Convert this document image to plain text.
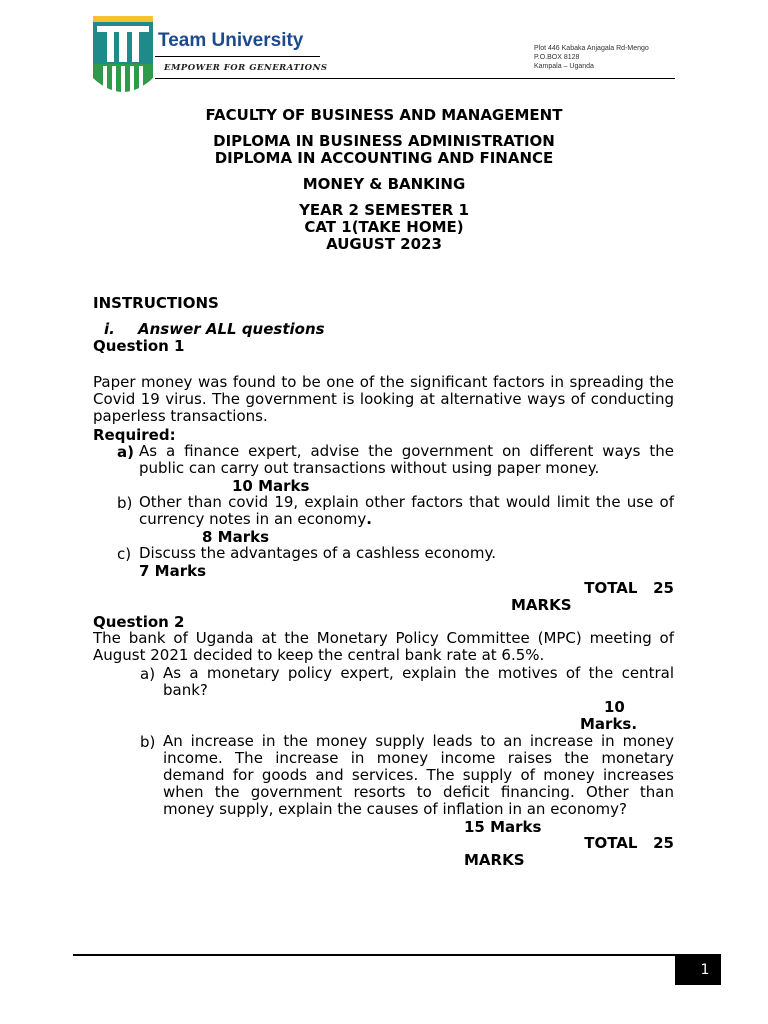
Team University
EMPOWER FOR GENERATIONS
Plot 446 Kabaka Anjagala Rd-Mengo
P.O.BOX 8128
Kampala – Uganda
FACULTY OF BUSINESS AND MANAGEMENT
DIPLOMA IN BUSINESS ADMINISTRATION
DIPLOMA IN ACCOUNTING AND FINANCE
MONEY & BANKING
YEAR 2 SEMESTER 1
CAT 1(TAKE HOME)
AUGUST 2023
INSTRUCTIONS
i. Answer ALL questions
Question 1
Paper money was found to be one of the significant factors in spreading the Covid 19 virus. The government is looking at alternative ways of conducting paperless transactions.
Required:
a) As a finance expert, advise the government on different ways the public can carry out transactions without using paper money.
10 Marks
b) Other than covid 19, explain other factors that would limit the use of currency notes in an economy.
8 Marks
c) Discuss the advantages of a cashless economy.
7 Marks
TOTAL   25
MARKS
Question 2
The bank of Uganda at the Monetary Policy Committee (MPC) meeting of August 2021 decided to keep the central bank rate at 6.5%.
a) As a monetary policy expert, explain the motives of the central bank?
10
Marks.
b) An increase in the money supply leads to an increase in money income. The increase in money income raises the monetary demand for goods and services. The supply of money increases when the government resorts to deficit financing. Other than money supply, explain the causes of inflation in an economy?
15 Marks
TOTAL   25
MARKS
1
